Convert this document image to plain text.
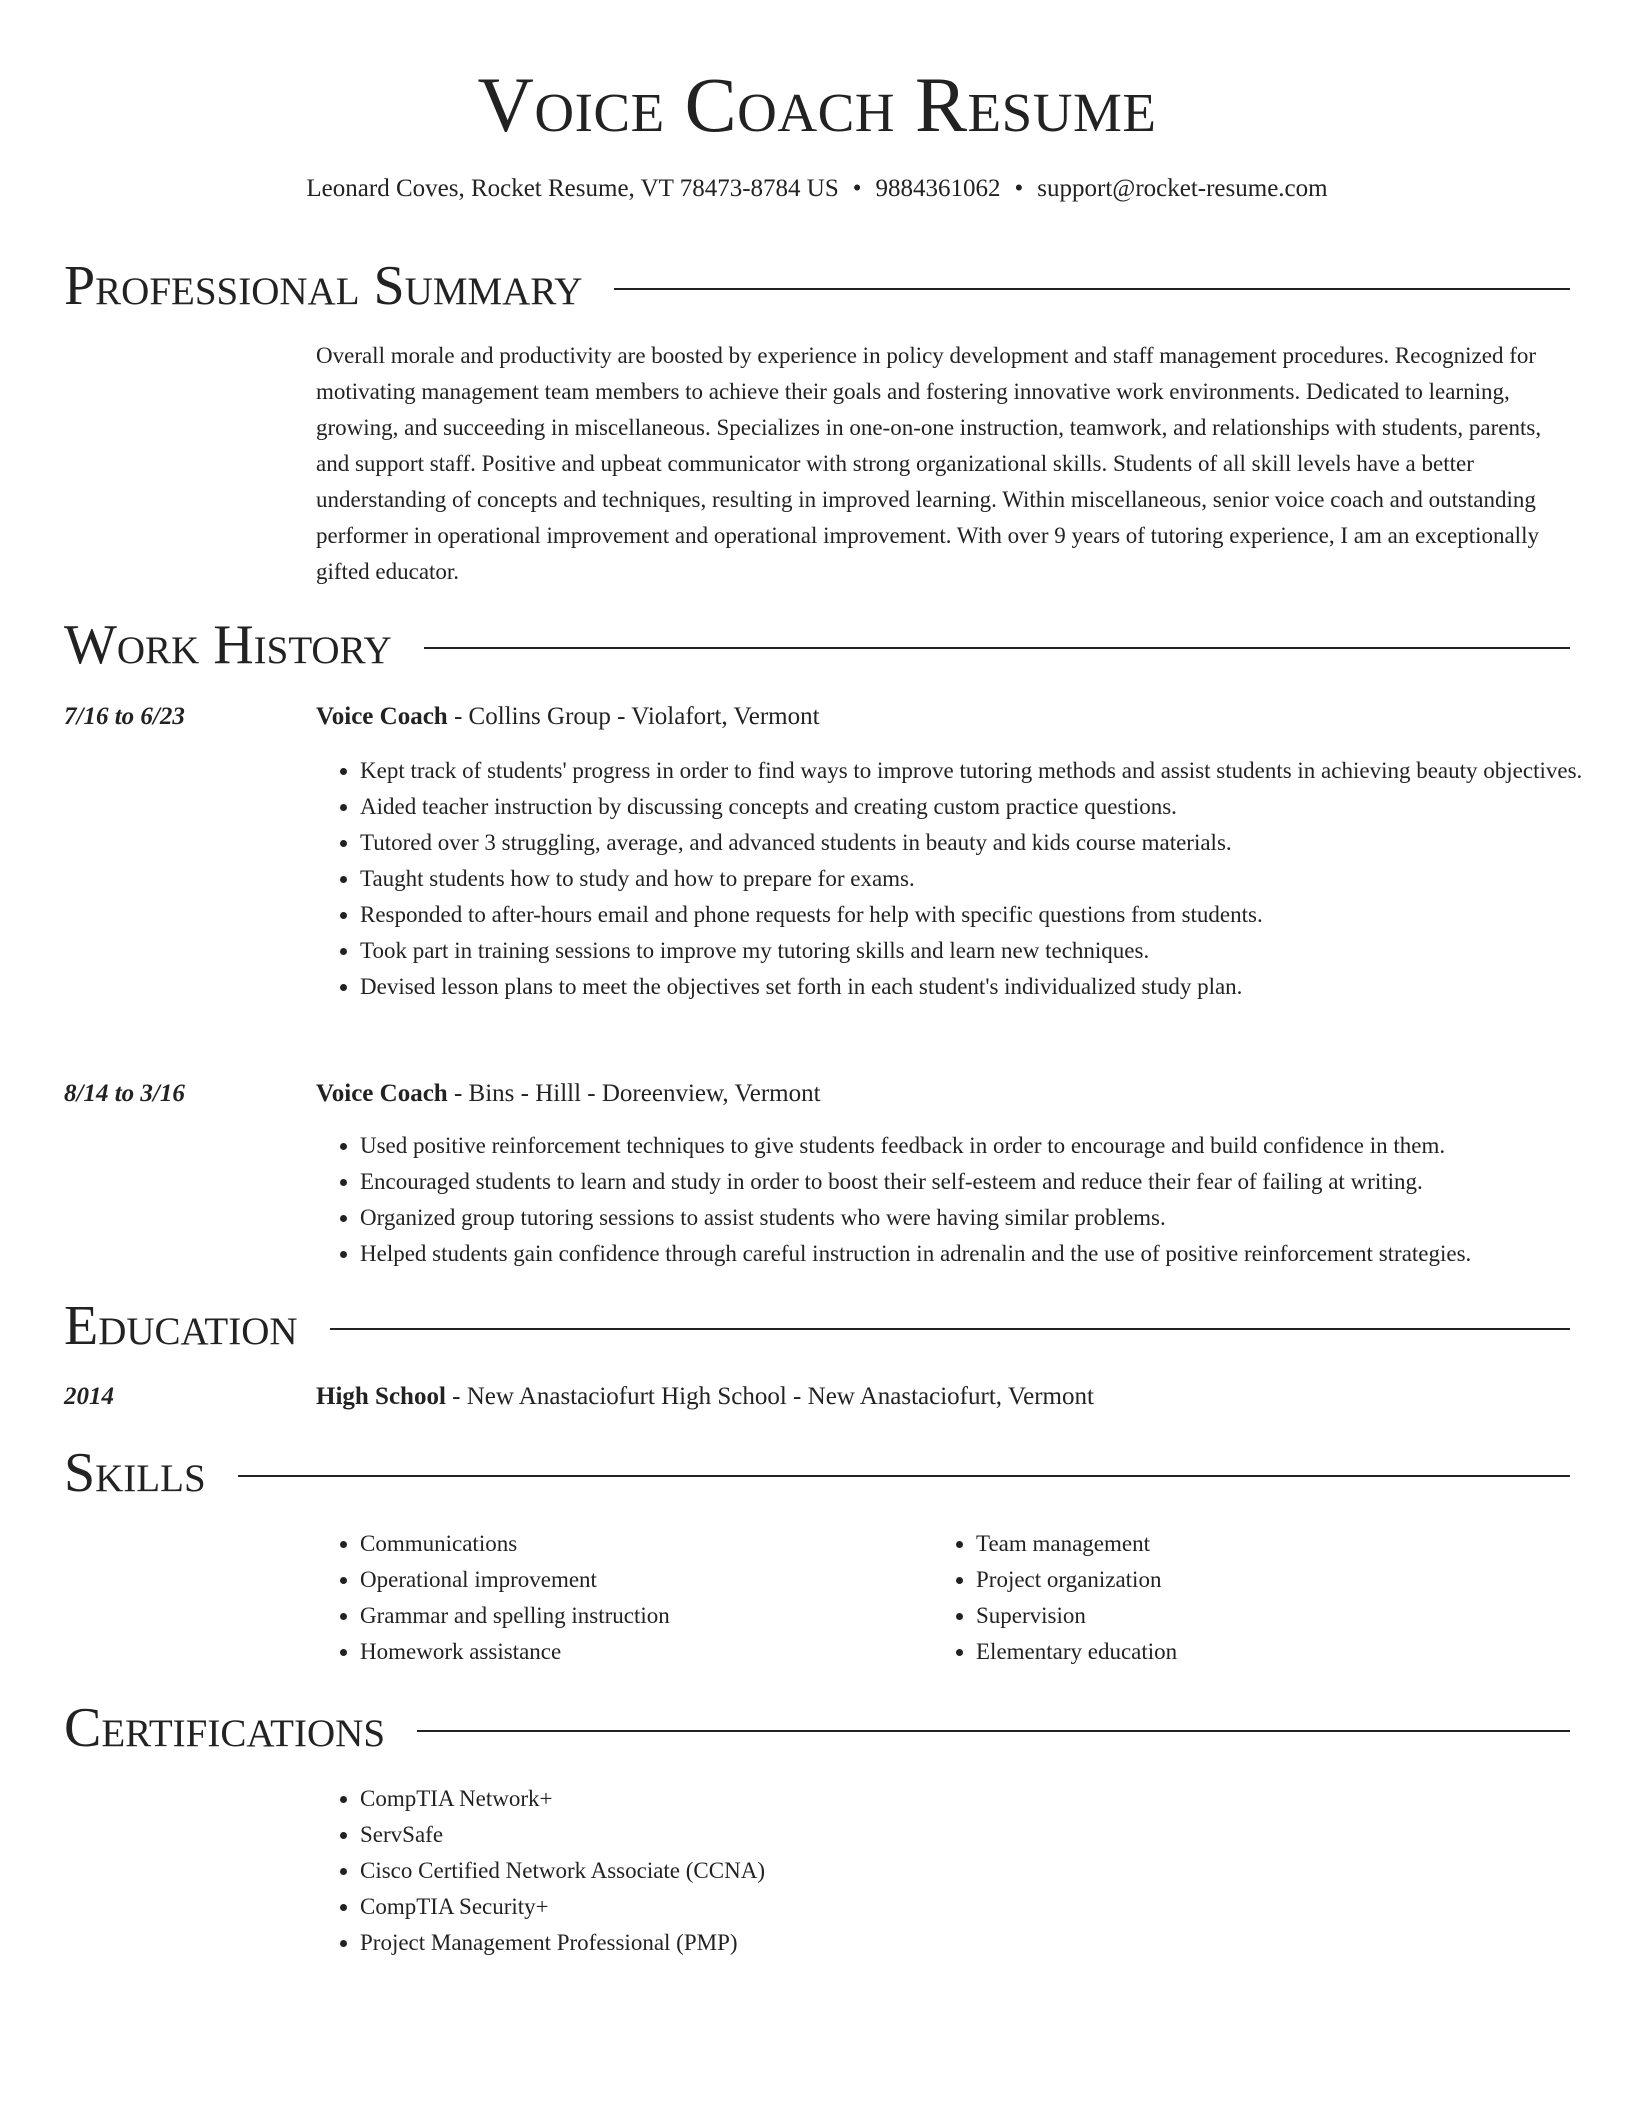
Voice Coach Resume
Leonard Coves, Rocket Resume, VT 78473-8784 US • 9884361062 • support@rocket-resume.com
Professional Summary

Overall morale and productivity are boosted by experience in policy development and staff management procedures. Recognized for motivating management team members to achieve their goals and fostering innovative work environments. Dedicated to learning, growing, and succeeding in miscellaneous. Specializes in one-on-one instruction, teamwork, and relationships with students, parents, and support staff. Positive and upbeat communicator with strong organizational skills. Students of all skill levels have a better understanding of concepts and techniques, resulting in improved learning. Within miscellaneous, senior voice coach and outstanding performer in operational improvement and operational improvement. With over 9 years of tutoring experience, I am an exceptionally gifted educator.

Work History
7/16 to 6/23	Voice Coach - Collins Group - Violafort, Vermont
• Kept track of students' progress in order to find ways to improve tutoring methods and assist students in achieving beauty objectives.
• Aided teacher instruction by discussing concepts and creating custom practice questions.
• Tutored over 3 struggling, average, and advanced students in beauty and kids course materials.
• Taught students how to study and how to prepare for exams.
• Responded to after-hours email and phone requests for help with specific questions from students.
• Took part in training sessions to improve my tutoring skills and learn new techniques.
• Devised lesson plans to meet the objectives set forth in each student's individualized study plan.
8/14 to 3/16	Voice Coach - Bins - Hilll - Doreenview, Vermont
• Used positive reinforcement techniques to give students feedback in order to encourage and build confidence in them.
• Encouraged students to learn and study in order to boost their self-esteem and reduce their fear of failing at writing.
• Organized group tutoring sessions to assist students who were having similar problems.
• Helped students gain confidence through careful instruction in adrenalin and the use of positive reinforcement strategies.
Education
2014	High School - New Anastaciofurt High School - New Anastaciofurt, Vermont
Skills
• Communications
• Operational improvement
• Grammar and spelling instruction
• Homework assistance
• Team management
• Project organization
• Supervision
• Elementary education
Certifications
• CompTIA Network+
• ServSafe
• Cisco Certified Network Associate (CCNA)
• CompTIA Security+
• Project Management Professional (PMP)
